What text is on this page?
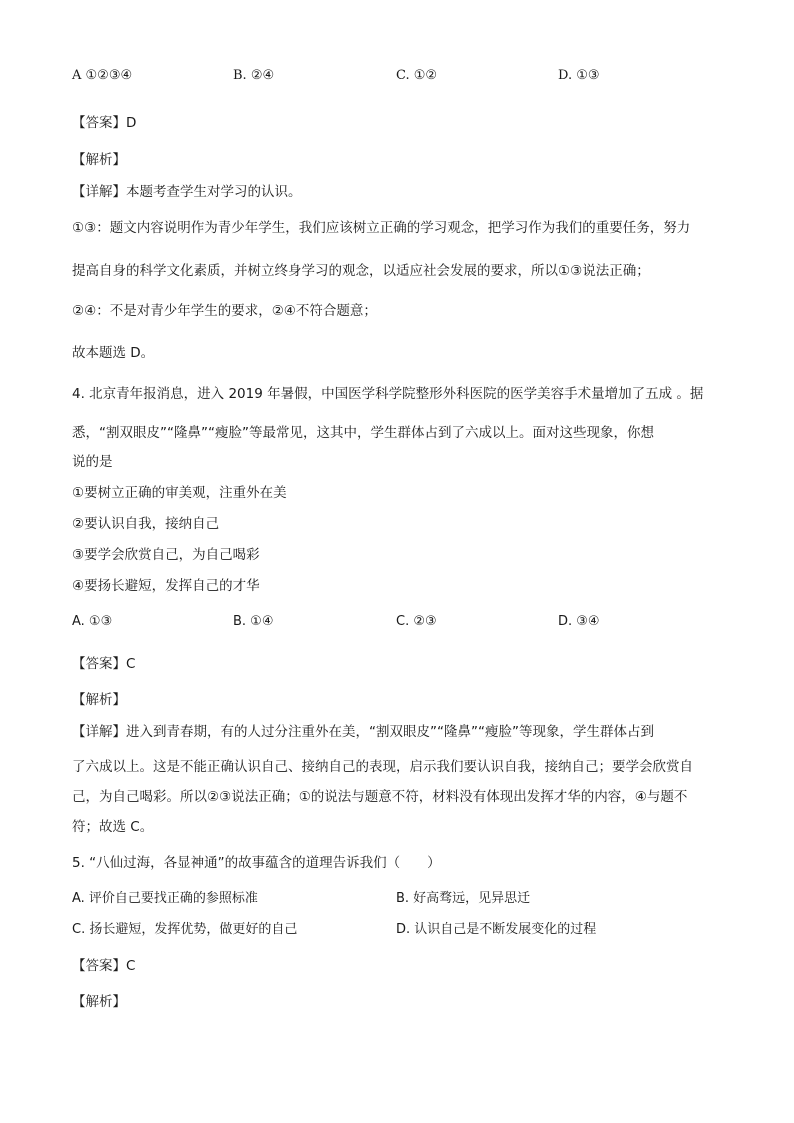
A ①②③④	B. ②④	C. ①②	D. ①③
【答案】D
【解析】
【详解】本题考查学生对学习的认识。
①③：题文内容说明作为青少年学生，我们应该树立正确的学习观念，把学习作为我们的重要任务，努力
提高自身的科学文化素质，并树立终身学习的观念，以适应社会发展的要求，所以①③说法正确；
②④：不是对青少年学生的要求，②④不符合题意；
故本题选 D。
4. 北京青年报消息，进入 2019 年暑假，中国医学科学院整形外科医院的医学美容手术量增加了五成 。据
悉，“割双眼皮”“隆鼻”“瘦脸”等最常见，这其中，学生群体占到了六成以上。面对这些现象，你想
说的是
①要树立正确的审美观，注重外在美
②要认识自我，接纳自己
③要学会欣赏自己，为自己喝彩
④要扬长避短，发挥自己的才华
A. ①③	B. ①④	C. ②③	D. ③④
【答案】C
【解析】
【详解】进入到青春期，有的人过分注重外在美，“割双眼皮”“隆鼻”“瘦脸”等现象，学生群体占到
了六成以上。这是不能正确认识自己、接纳自己的表现，启示我们要认识自我，接纳自己；要学会欣赏自
己，为自己喝彩。所以②③说法正确；①的说法与题意不符，材料没有体现出发挥才华的内容，④与题不
符；故选 C。
5. “八仙过海，各显神通”的故事蕴含的道理告诉我们（　　）
A. 评价自己要找正确的参照标准	B. 好高骛远，见异思迁
C. 扬长避短，发挥优势，做更好的自己	D. 认识自己是不断发展变化的过程
【答案】C
【解析】
